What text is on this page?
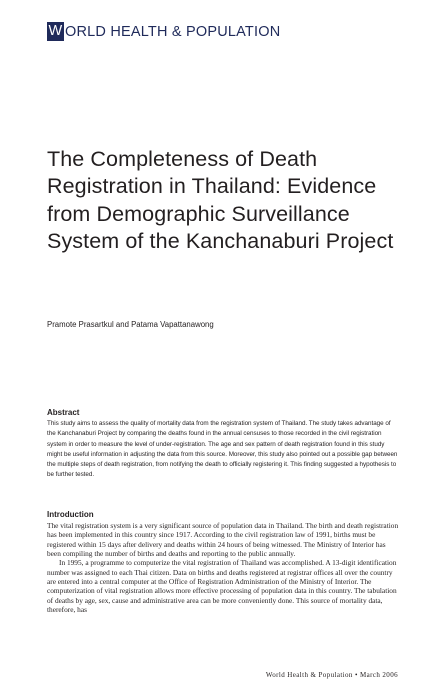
W ORLD HEALTH & POPULATION
The Completeness of Death Registration in Thailand: Evidence from Demographic Surveillance System of the Kanchanaburi Project
Pramote Prasartkul and Patama Vapattanawong
Abstract

This study aims to assess the quality of mortality data from the registration system of Thailand. The study takes advantage of the Kanchanaburi Project by comparing the deaths found in the annual censuses to those recorded in the civil registration system in order to measure the level of under-registration. The age and sex pattern of death registration found in this study might be useful information in adjusting the data from this source. Moreover, this study also pointed out a possible gap between the multiple steps of death registration, from notifying the death to officially registering it. This finding suggested a hypothesis to be further tested.

Introduction

The vital registration system is a very significant source of population data in Thailand. The birth and death registration has been implemented in this country since 1917. According to the civil registration law of 1991, births must be registered within 15 days after delivery and deaths within 24 hours of being witnessed. The Ministry of Interior has been compiling the number of births and deaths and reporting to the public annually.

In 1995, a programme to computerize the vital registration of Thailand was accomplished. A 13-digit identification number was assigned to each Thai citizen. Data on births and deaths registered at registrar offices all over the country are entered into a central computer at the Office of Registration Administration of the Ministry of Interior. The computerization of vital registration allows more effective processing of population data in this country. The tabulation of deaths by age, sex, cause and administrative area can be more conveniently done. This source of mortality data, therefore, has

World Health & Population • March 2006
